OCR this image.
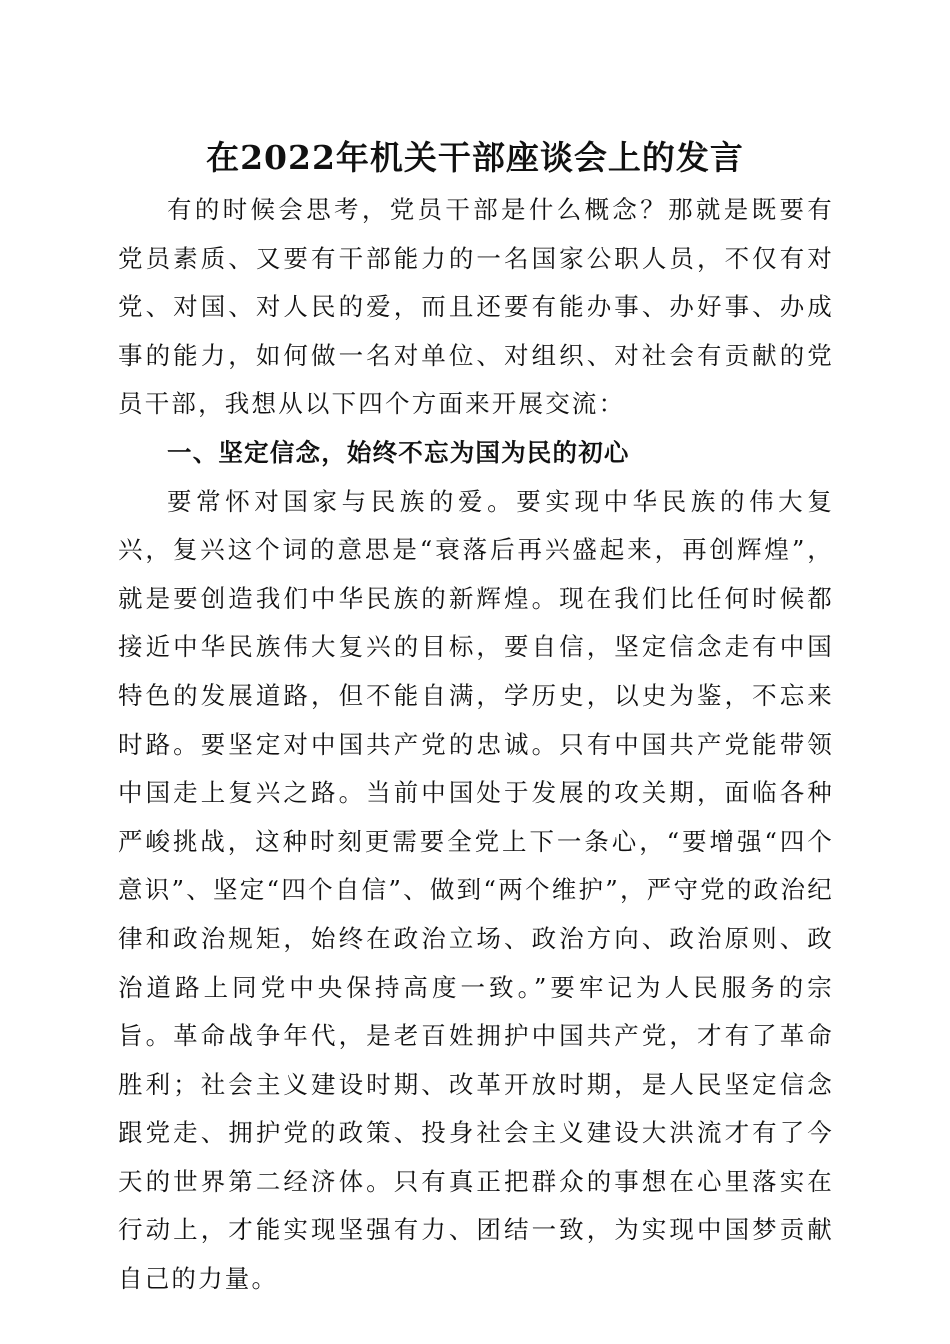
在2022年机关干部座谈会上的发言

有的时候会思考，党员干部是什么概念？那就是既要有党员素质、又要有干部能力的一名国家公职人员，不仅有对党、对国、对人民的爱，而且还要有能办事、办好事、办成事的能力，如何做一名对单位、对组织、对社会有贡献的党员干部，我想从以下四个方面来开展交流：

一、坚定信念，始终不忘为国为民的初心

要常怀对国家与民族的爱。要实现中华民族的伟大复兴，复兴这个词的意思是“衰落后再兴盛起来，再创辉煌”，就是要创造我们中华民族的新辉煌。现在我们比任何时候都接近中华民族伟大复兴的目标，要自信，坚定信念走有中国特色的发展道路，但不能自满，学历史，以史为鉴，不忘来时路。要坚定对中国共产党的忠诚。只有中国共产党能带领中国走上复兴之路。当前中国处于发展的攻关期，面临各种严峻挑战，这种时刻更需要全党上下一条心，“要增强“四个意识”、坚定“四个自信”、做到“两个维护”，严守党的政治纪律和政治规矩，始终在政治立场、政治方向、政治原则、政治道路上同党中央保持高度一致。”要牢记为人民服务的宗旨。革命战争年代，是老百姓拥护中国共产党，才有了革命胜利；社会主义建设时期、改革开放时期，是人民坚定信念跟党走、拥护党的政策、投身社会主义建设大洪流才有了今天的世界第二经济体。只有真正把群众的事想在心里落实在行动上，才能实现坚强有力、团结一致，为实现中国梦贡献自己的力量。
